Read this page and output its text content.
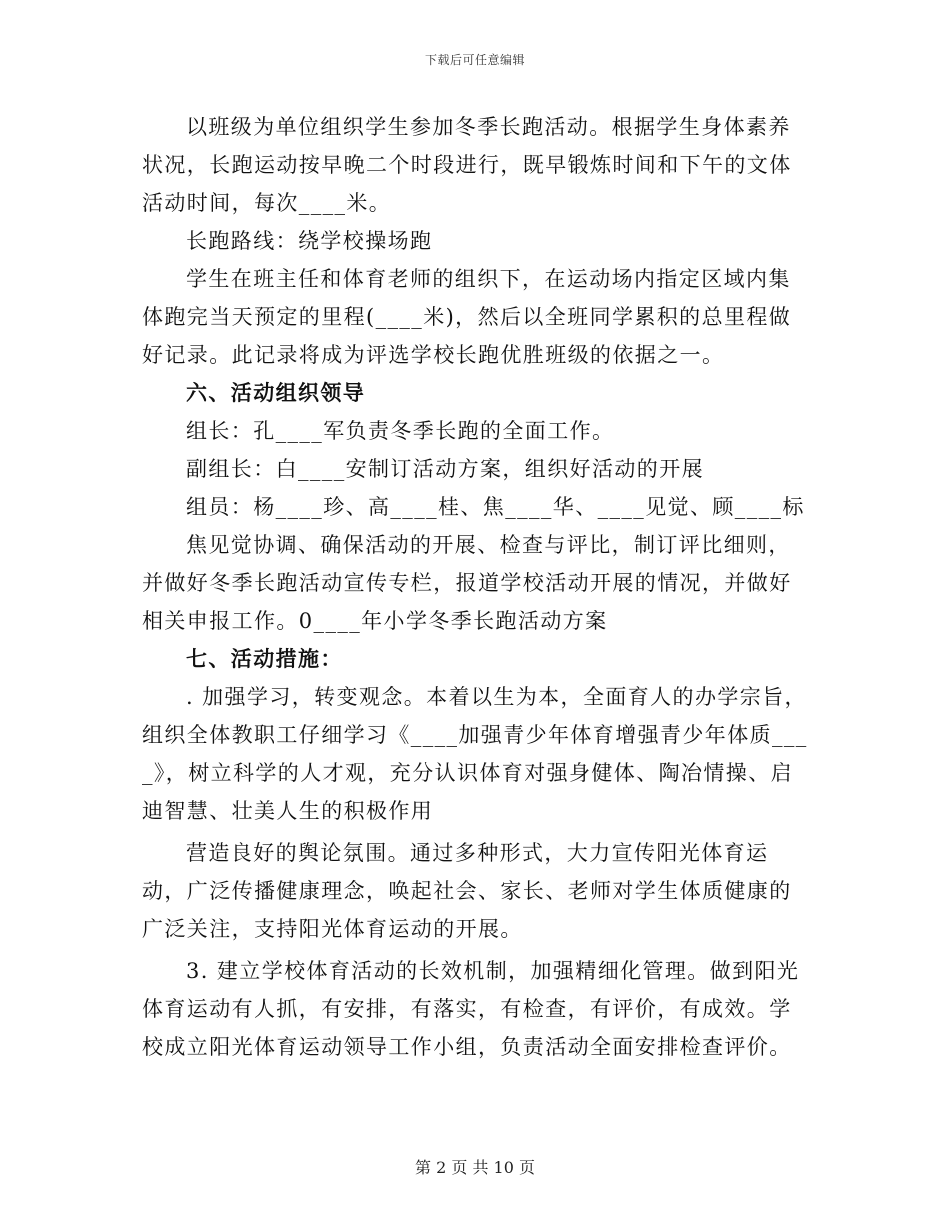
下载后可任意编辑

以班级为单位组织学生参加冬季长跑活动。根据学生身体素养状况，长跑运动按早晚二个时段进行，既早锻炼时间和下午的文体活动时间，每次____米。

长跑路线：绕学校操场跑

学生在班主任和体育老师的组织下，在运动场内指定区域内集体跑完当天预定的里程(____米)，然后以全班同学累积的总里程做好记录。此记录将成为评选学校长跑优胜班级的依据之一。

六、活动组织领导

组长：孔____军负责冬季长跑的全面工作。

副组长：白____安制订活动方案，组织好活动的开展

组员：杨____珍、高____桂、焦____华、____见觉、顾____标

焦见觉协调、确保活动的开展、检查与评比，制订评比细则，并做好冬季长跑活动宣传专栏，报道学校活动开展的情况，并做好相关申报工作。0____年小学冬季长跑活动方案

七、活动措施：

. 加强学习，转变观念。本着以生为本，全面育人的办学宗旨，组织全体教职工仔细学习《____加强青少年体育增强青少年体质____》，树立科学的人才观，充分认识体育对强身健体、陶冶情操、启迪智慧、壮美人生的积极作用

营造良好的舆论氛围。通过多种形式，大力宣传阳光体育运动，广泛传播健康理念，唤起社会、家长、老师对学生体质健康的广泛关注，支持阳光体育运动的开展。

3. 建立学校体育活动的长效机制，加强精细化管理。做到阳光体育运动有人抓，有安排，有落实，有检查，有评价，有成效。学校成立阳光体育运动领导工作小组，负责活动全面安排检查评价。

第 2 页 共 10 页
